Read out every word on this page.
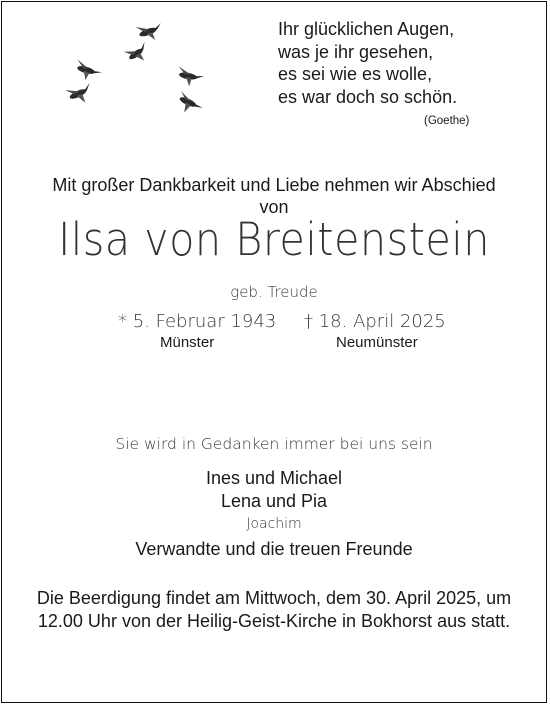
Ihr glücklichen Augen,
was je ihr gesehen,
es sei wie es wolle,
es war doch so schön.
(Goethe)
Mit großer Dankbarkeit und Liebe nehmen wir Abschied
von
Ilsa von Breitenstein
geb. Treude
* 5. Februar 1943 † 18. April 2025
Münster	Neumünster
Sie wird in Gedanken immer bei uns sein
Ines und Michael
Lena und Pia
Joachim
Verwandte und die treuen Freunde
Die Beerdigung findet am Mittwoch, dem 30. April 2025, um
12.00 Uhr von der Heilig-Geist-Kirche in Bokhorst aus statt.
